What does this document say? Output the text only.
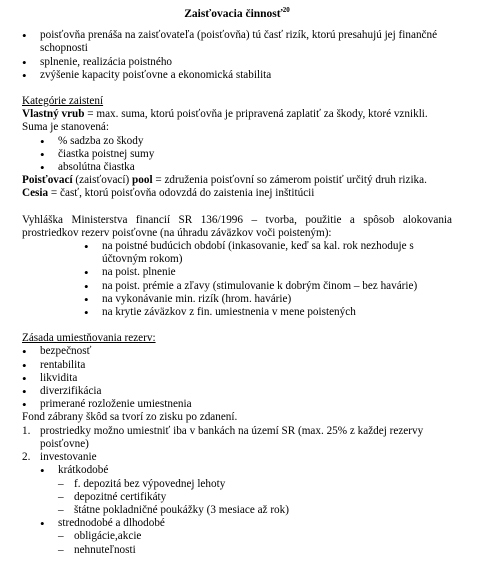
Zaisťovacia činnosť$^{20}$
• poisťovňa prenáša na zaisťovateľa (poisťovňa) tú časť rizík, ktorú presahujú jej finančné schopnosti
• splnenie, realizácia poistného
• zvýšenie kapacity poisťovne a ekonomická stabilita
Kategórie zaistení
Vlastný vrub = max. suma, ktorú poisťovňa je pripravená zaplatiť za škody, ktoré vznikli. Suma je stanovená:
• % sadzba zo škody
• čiastka poistnej sumy
• absolútna čiastka
Poisťovací (zaisťovací) pool = združenia poisťovní so zámerom poistiť určitý druh rizika.
Cesia = časť, ktorú poisťovňa odovzdá do zaistenia inej inštitúcii
Vyhláška Ministerstva financií SR 136/1996 – tvorba, použitie a spôsob alokovania prostriedkov rezerv poisťovne (na úhradu záväzkov voči poisteným):
• na poistné budúcich období (inkasovanie, keď sa kal. rok nezhoduje s účtovným rokom)
• na poist. plnenie
• na poist. prémie a zľavy (stimulovanie k dobrým činom – bez havárie)
• na vykonávanie min. rizík (hrom. havárie)
• na krytie záväzkov z fin. umiestnenia v mene poistených
Zásada umiestňovania rezerv:
• bezpečnosť
• rentabilita
• likvidita
• diverzifikácia
• primerané rozloženie umiestnenia
Fond zábrany škôd sa tvorí zo zisku po zdanení.
1. prostriedky možno umiestniť iba v bankách na území SR (max. 25% z každej rezervy poisťovne)
2. investovanie
• krátkodobé
– f. depozitá bez výpovednej lehoty
– depozitné certifikáty
– štátne pokladničné poukážky (3 mesiace až rok)
• strednodobé a dlhodobé
– obligácie,akcie
– nehnuteľnosti
